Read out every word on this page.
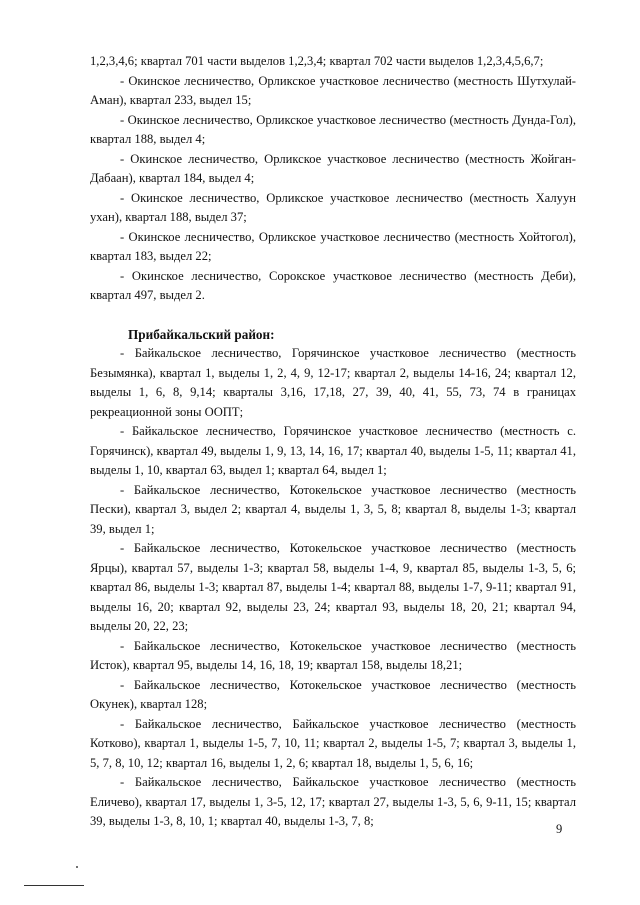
1,2,3,4,6; квартал 701 части выделов 1,2,3,4; квартал 702 части выделов 1,2,3,4,5,6,7;

- Окинское лесничество, Орликское участковое лесничество (местность Шутхулай-Аман), квартал 233, выдел 15;

- Окинское лесничество, Орликское участковое лесничество (местность Дунда-Гол), квартал 188, выдел 4;

- Окинское лесничество, Орликское участковое лесничество (местность Жойган-Дабаан), квартал 184, выдел 4;

- Окинское лесничество, Орликское участковое лесничество (местность Халуун ухан), квартал 188, выдел 37;

- Окинское лесничество, Орликское участковое лесничество (местность Хойтогол), квартал 183, выдел 22;

- Окинское лесничество, Сорокское участковое лесничество (местность Деби), квартал 497, выдел 2.

Прибайкальский район:

- Байкальское лесничество, Горячинское участковое лесничество (местность Безымянка), квартал 1, выделы 1, 2, 4, 9, 12-17; квартал 2, выделы 14-16, 24; квартал 12, выделы 1, 6, 8, 9,14; кварталы 3,16, 17,18, 27, 39, 40, 41, 55, 73, 74 в границах рекреационной зоны ООПТ;

- Байкальское лесничество, Горячинское участковое лесничество (местность с. Горячинск), квартал 49, выделы 1, 9, 13, 14, 16, 17; квартал 40, выделы 1-5, 11; квартал 41, выделы 1, 10, квартал 63, выдел 1; квартал 64, выдел 1;

- Байкальское лесничество, Котокельское участковое лесничество (местность Пески), квартал 3, выдел 2; квартал 4, выделы 1, 3, 5, 8; квартал 8, выделы 1-3; квартал 39, выдел 1;

- Байкальское лесничество, Котокельское участковое лесничество (местность Ярцы), квартал 57, выделы 1-3; квартал 58, выделы 1-4, 9, квартал 85, выделы 1-3, 5, 6; квартал 86, выделы 1-3; квартал 87, выделы 1-4; квартал 88, выделы 1-7, 9-11; квартал 91, выделы 16, 20; квартал 92, выделы 23, 24; квартал 93, выделы 18, 20, 21; квартал 94, выделы 20, 22, 23;

- Байкальское лесничество, Котокельское участковое лесничество (местность Исток), квартал 95, выделы 14, 16, 18, 19; квартал 158, выделы 18,21;

- Байкальское лесничество, Котокельское участковое лесничество (местность Окунек), квартал 128;

- Байкальское лесничество, Байкальское участковое лесничество (местность Котково), квартал 1, выделы 1-5, 7, 10, 11; квартал 2, выделы 1-5, 7; квартал 3, выделы 1, 5, 7, 8, 10, 12; квартал 16, выделы 1, 2, 6; квартал 18, выделы 1, 5, 6, 16;

- Байкальское лесничество, Байкальское участковое лесничество (местность Еличево), квартал 17, выделы 1, 3-5, 12, 17; квартал 27, выделы 1-3, 5, 6, 9-11, 15; квартал 39, выделы 1-3, 8, 10, 1; квартал 40, выделы 1-3, 7, 8;

9
